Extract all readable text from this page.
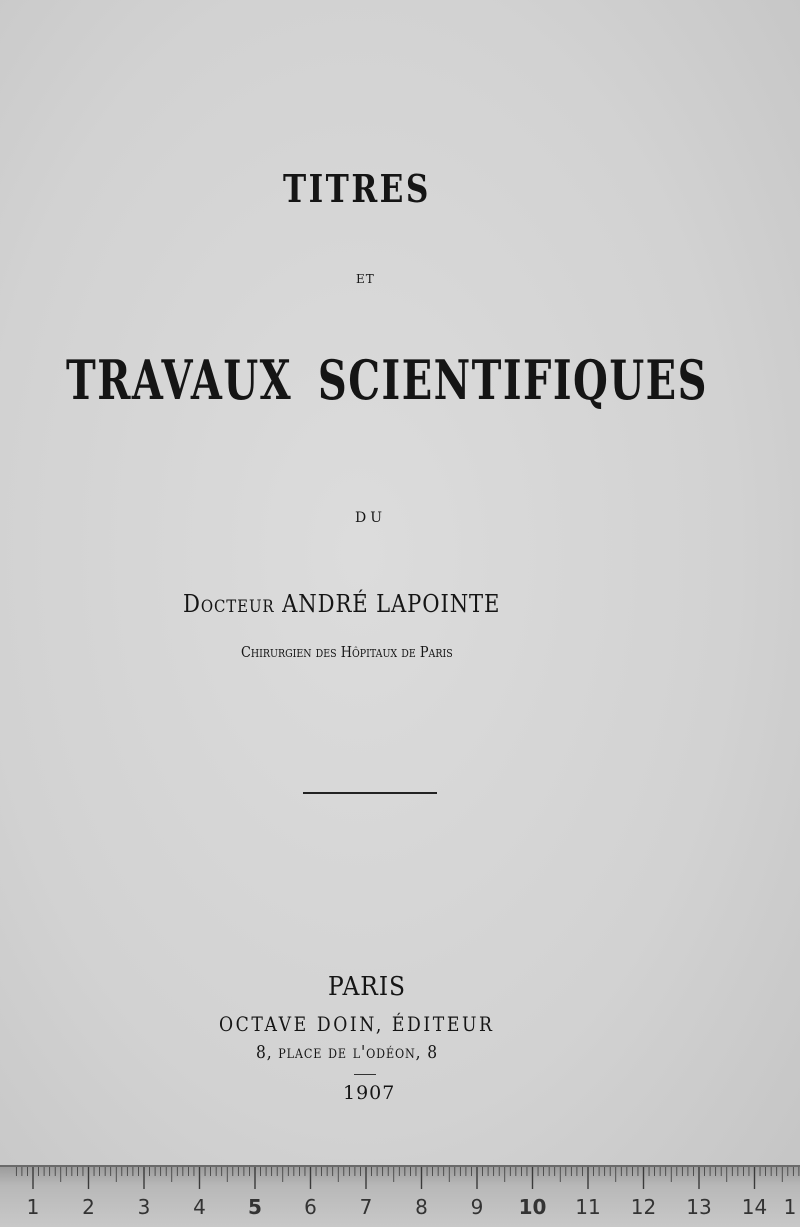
TITRES
ET
TRAVAUX SCIENTIFIQUES
DU
Docteur ANDRÉ LAPOINTE
Chirurgien des Hôpitaux de Paris
PARIS
OCTAVE DOIN, ÉDITEUR
8, place de l'odéon, 8
1907
1 2 3 4 5 6 7 8 9 10 11 12 13 14 1
